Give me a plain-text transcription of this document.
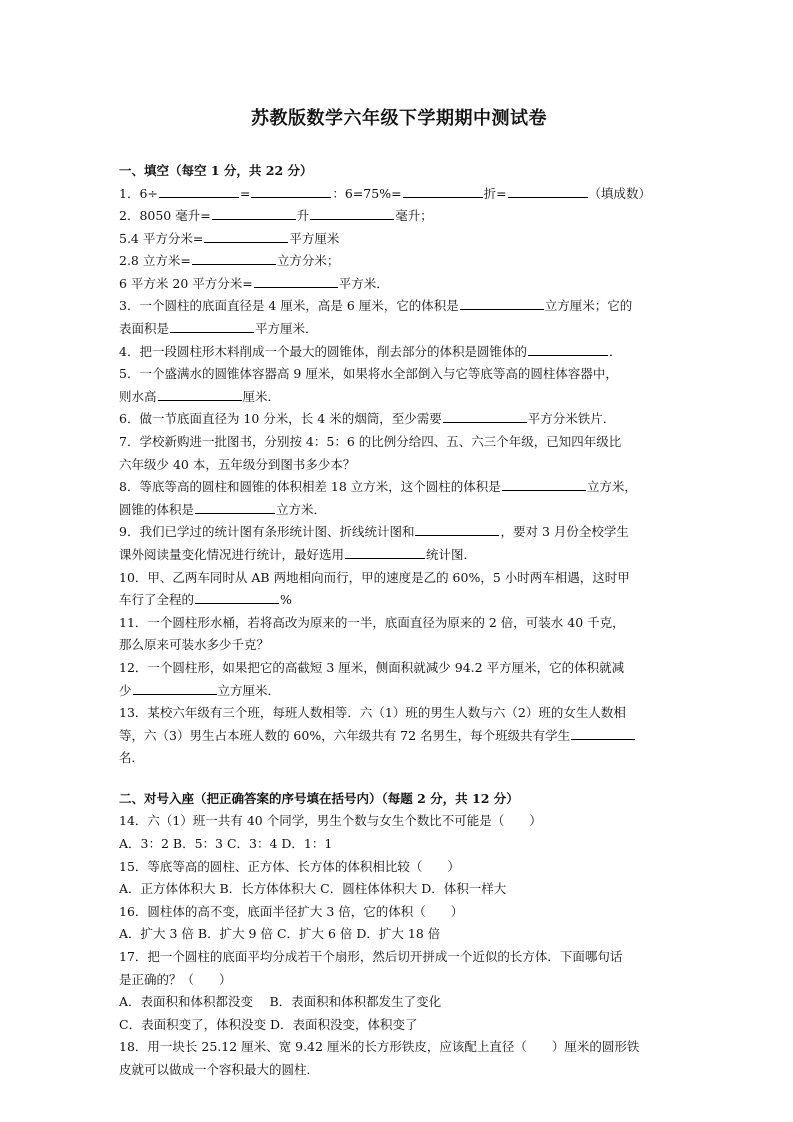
苏教版数学六年级下学期期中测试卷
一、填空（每空 1 分，共 22 分）
1．6÷	=	：6=75%=	折=	（填成数）
2．8050 毫升=	升	毫升；
5.4 平方分米=	平方厘米
2.8 立方米=	立方分米；
6 平方米 20 平方分米=	平方米．
3．一个圆柱的底面直径是 4 厘米，高是 6 厘米，它的体积是	立方厘米；它的
表面积是	平方厘米．
4．把一段圆柱形木料削成一个最大的圆锥体，削去部分的体积是圆锥体的	．
5．一个盛满水的圆锥体容器高 9 厘米，如果将水全部倒入与它等底等高的圆柱体容器中，
则水高	厘米．
6．做一节底面直径为 10 分米，长 4 米的烟筒，至少需要	平方分米铁片．
7．学校新购进一批图书，分别按 4：5：6 的比例分给四、五、六三个年级，已知四年级比
六年级少 40 本，五年级分到图书多少本？
8．等底等高的圆柱和圆锥的体积相差 18 立方米，这个圆柱的体积是	立方米，
圆锥的体积是	立方米．
9．我们已学过的统计图有条形统计图、折线统计图和	，要对 3 月份全校学生
课外阅读量变化情况进行统计，最好选用	统计图．
10．甲、乙两车同时从 AB 两地相向而行，甲的速度是乙的 60%，5 小时两车相遇，这时甲
车行了全程的	%
11．一个圆柱形水桶，若将高改为原来的一半，底面直径为原来的 2 倍，可装水 40 千克，
那么原来可装水多少千克？
12．一个圆柱形，如果把它的高截短 3 厘米，侧面积就减少 94.2 平方厘米，它的体积就减
少	立方厘米．
13．某校六年级有三个班，每班人数相等．六（1）班的男生人数与六（2）班的女生人数相
等，六（3）男生占本班人数的 60%，六年级共有 72 名男生，每个班级共有学生
名．
二、对号入座（把正确答案的序号填在括号内）（每题 2 分，共 12 分）
14．六（1）班一共有 40 个同学，男生个数与女生个数比不可能是（　　）
A．3：2 B．5：3 C．3：4 D．1：1
15．等底等高的圆柱、正方体、长方体的体积相比较（　　）
A．正方体体积大 B．长方体体积大 C．圆柱体体积大 D．体积一样大
16．圆柱体的高不变，底面半径扩大 3 倍，它的体积（　　）
A．扩大 3 倍 B．扩大 9 倍 C．扩大 6 倍 D．扩大 18 倍
17．把一个圆柱的底面平均分成若干个扇形，然后切开拼成一个近似的长方体．下面哪句话
是正确的？（　　）
A．表面积和体积都没变　 B．表面积和体积都发生了变化
C．表面积变了，体积没变 D．表面积没变，体积变了
18．用一块长 25.12 厘米、宽 9.42 厘米的长方形铁皮，应该配上直径（　　）厘米的圆形铁
皮就可以做成一个容积最大的圆柱．
